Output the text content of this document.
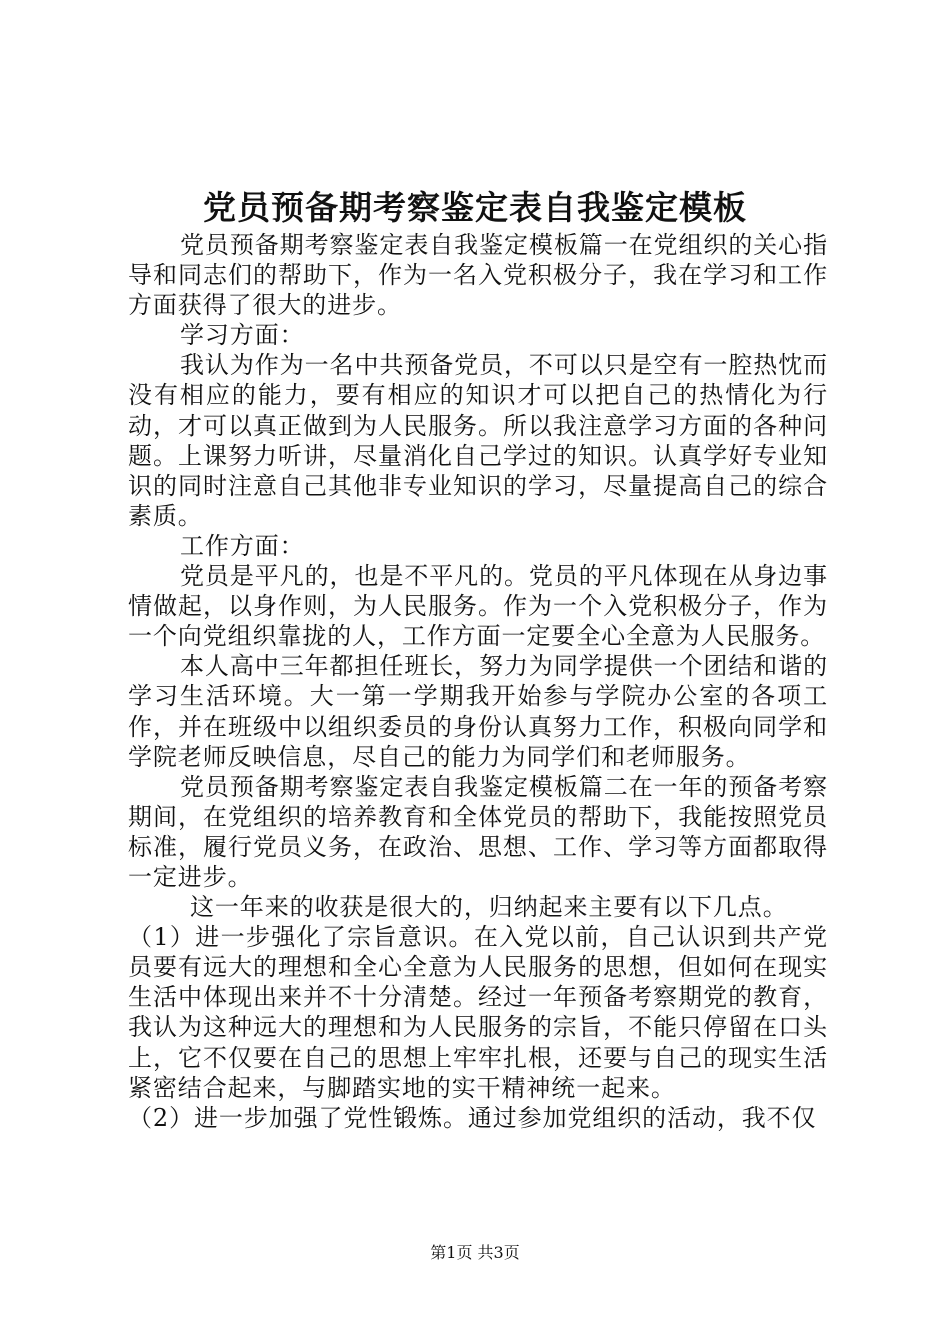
党员预备期考察鉴定表自我鉴定模板

党员预备期考察鉴定表自我鉴定模板篇一在党组织的关心指导和同志们的帮助下，作为一名入党积极分子，我在学习和工作方面获得了很大的进步。

学习方面：

我认为作为一名中共预备党员，不可以只是空有一腔热忱而没有相应的能力，要有相应的知识才可以把自己的热情化为行动，才可以真正做到为人民服务。所以我注意学习方面的各种问题。上课努力听讲，尽量消化自己学过的知识。认真学好专业知识的同时注意自己其他非专业知识的学习，尽量提高自己的综合素质。

工作方面：

党员是平凡的，也是不平凡的。党员的平凡体现在从身边事情做起，以身作则，为人民服务。作为一个入党积极分子，作为一个向党组织靠拢的人，工作方面一定要全心全意为人民服务。

本人高中三年都担任班长，努力为同学提供一个团结和谐的学习生活环境。大一第一学期我开始参与学院办公室的各项工作，并在班级中以组织委员的身份认真努力工作，积极向同学和学院老师反映信息，尽自己的能力为同学们和老师服务。

党员预备期考察鉴定表自我鉴定模板篇二在一年的预备考察期间，在党组织的培养教育和全体党员的帮助下，我能按照党员标准，履行党员义务，在政治、思想、工作、学习等方面都取得一定进步。

这一年来的收获是很大的，归纳起来主要有以下几点。

（1）进一步强化了宗旨意识。在入党以前，自己认识到共产党员要有远大的理想和全心全意为人民服务的思想，但如何在现实生活中体现出来并不十分清楚。经过一年预备考察期党的教育，我认为这种远大的理想和为人民服务的宗旨，不能只停留在口头上，它不仅要在自己的思想上牢牢扎根，还要与自己的现实生活紧密结合起来，与脚踏实地的实干精神统一起来。

（2）进一步加强了党性锻炼。通过参加党组织的活动，我不仅

第1页 共3页
